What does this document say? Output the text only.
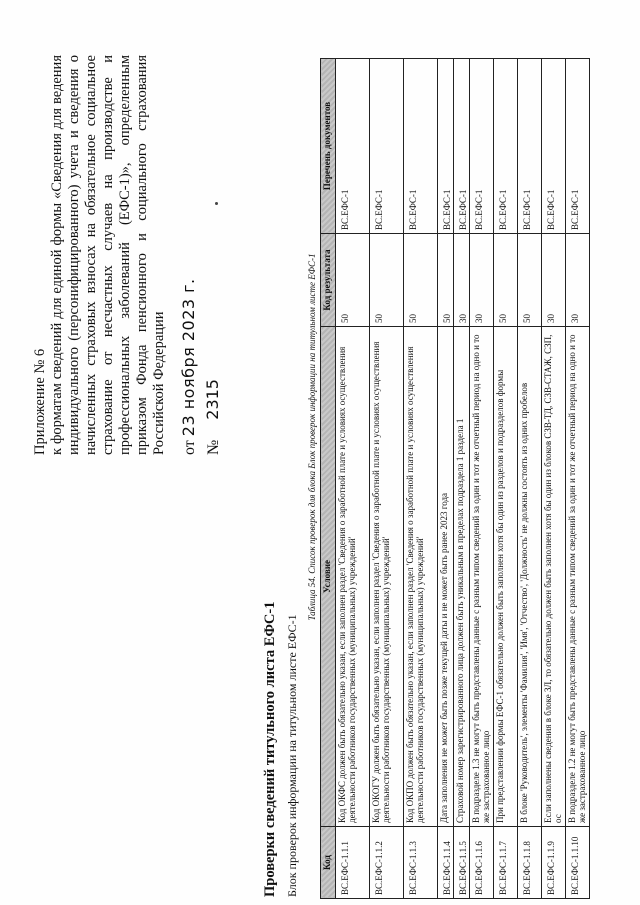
Приложение № 6 к форматам сведений для единой формы «Сведения для ведения индивидуального (персонифицированного) учета и сведения о начисленных страховых взносах на обязательное социальное страхование от несчастных случаев на производстве и профессиональных заболеваний (ЕФС-1)», определенным приказом Фонда пенсионного и социального страхования Российской Федерации от 23 ноября 2023 г.
№ 2315
Проверки сведений титульного листа ЕФС-1 Блок проверок информации на титульном листе ЕФС-1
Таблица 54. Список проверок для блока Блок проверок информации на титульном листе ЕФС-1
Код	Условие	Код результата	Перечень документов
ВС.ЕФС-1.1.1	Код ОКФС должен быть обязательно указан, если заполнен раздел 'Сведения о заработной плате и условиях осуществления деятельности работников государственных (муниципальных) учреждений'	50	ВС.ЕФС-1
ВС.ЕФС-1.1.2	Код ОКОГУ должен быть обязательно указан, если заполнен раздел 'Сведения о заработной плате и условиях осуществления деятельности работников государственных (муниципальных) учреждений'	50	ВС.ЕФС-1
ВС.ЕФС-1.1.3	Код ОКПО должен быть обязательно указан, если заполнен раздел 'Сведения о заработной плате и условиях осуществления деятельности работников государственных (муниципальных) учреждений'	50	ВС.ЕФС-1
ВС.ЕФС-1.1.4	Дата заполнения не может быть позже текущей даты и не может быть ранее 2023 года	50	ВС.ЕФС-1
ВС.ЕФС-1.1.5	Страховой номер зарегистрированного лица должен быть уникальным в пределах подраздела 1 раздела 1	30	ВС.ЕФС-1
ВС.ЕФС-1.1.6	В подразделе 1.3 не могут быть представлены данные с разным типом сведений за один и тот же отчетный период на одно и то же застрахованное лицо	30	ВС.ЕФС-1
ВС.ЕФС-1.1.7	При представлении формы ЕФС-1 обязательно должен быть заполнен хотя бы один из разделов и подразделов формы	50	ВС.ЕФС-1
ВС.ЕФС-1.1.8	В блоке 'Руководитель', элементы 'Фамилия', 'Имя', 'Отчество', 'Должность' не должны состоять из одних пробелов	50	ВС.ЕФС-1
ВС.ЕФС-1.1.9	Если заполнены сведения в блоке ЗЛ, то обязательно должен быть заполнен хотя бы один из блоков СЗВ-ТД, СЗВ-СТАЖ, СЗП, ос	30	ВС.ЕФС-1
ВС.ЕФС-1.1.10	В подразделе 1.2 не могут быть представлены данные с разным типом сведений за один и тот же отчетный период на одно и то же застрахованное лицо	30	ВС.ЕФС-1
